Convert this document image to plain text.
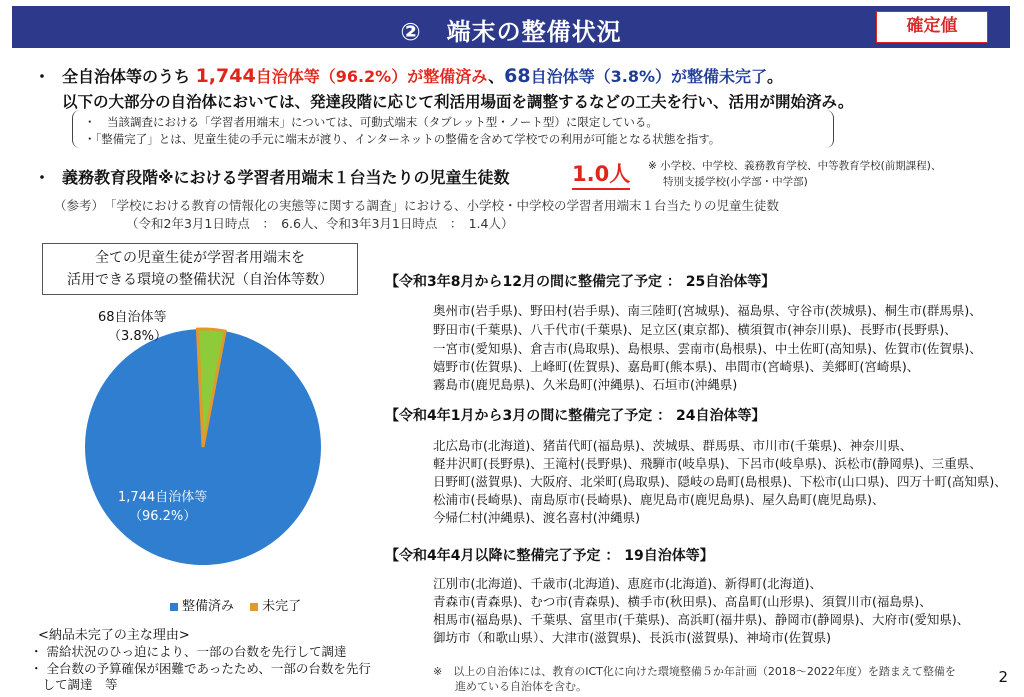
②　端末の整備状況	確定値
・ 全自治体等のうち 1,744自治体等（96.2%）が整備済み、68自治体等（3.8%）が整備未完了。
以下の大部分の自治体においては、発達段階に応じて利活用場面を調整するなどの工夫を行い、活用が開始済み。
・　当該調査における「学習者用端末」については、可動式端末（タブレット型・ノート型）に限定している。
・「整備完了」とは、児童生徒の手元に端末が渡り、インターネットの整備を含めて学校での利用が可能となる状態を指す。
・ 義務教育段階※における学習者用端末１台当たりの児童生徒数	1.0人 ※ 小学校、中学校、義務教育学校、中等教育学校(前期課程)、
特別支援学校(小学部・中学部)
（参考）　「学校における教育の情報化の実態等に関する調査」における、小学校・中学校の学習者用端末１台当たりの児童生徒数
（令和2年3月1日時点　：　6.6人、令和3年3月1日時点　：　1.4人）
全ての児童生徒が学習者用端末を
活用できる環境の整備状況（自治体等数）
68自治体等
（3.8%）
1,744自治体等
（96.2%）
整備済み 未完了
<納品未完了の主な理由>
・ 需給状況のひっ迫により、一部の台数を先行して調達
・ 全台数の予算確保が困難であったため、一部の台数を先行
　して調達　等
【令和3年8月から12月の間に整備完了予定 ： 25自治体等】
奥州市(岩手県)、野田村(岩手県)、南三陸町(宮城県)、福島県、守谷市(茨城県)、桐生市(群馬県)、
野田市(千葉県)、八千代市(千葉県)、足立区(東京都)、横須賀市(神奈川県)、長野市(長野県)、
一宮市(愛知県)、倉吉市(鳥取県)、島根県、雲南市(島根県)、中土佐町(高知県)、佐賀市(佐賀県)、
嬉野市(佐賀県)、上峰町(佐賀県)、嘉島町(熊本県)、串間市(宮崎県)、美郷町(宮崎県)、
霧島市(鹿児島県)、久米島町(沖縄県)、石垣市(沖縄県)
【令和4年1月から3月の間に整備完了予定 ： 24自治体等】
北広島市(北海道)、猪苗代町(福島県)、茨城県、群馬県、市川市(千葉県)、神奈川県、
軽井沢町(長野県)、王滝村(長野県)、飛騨市(岐阜県)、下呂市(岐阜県)、浜松市(静岡県)、三重県、
日野町(滋賀県)、大阪府、北栄町(鳥取県)、隠岐の島町(島根県)、下松市(山口県)、四万十町(高知県)、
松浦市(長崎県)、南島原市(長崎県)、鹿児島市(鹿児島県)、屋久島町(鹿児島県)、
今帰仁村(沖縄県)、渡名喜村(沖縄県)
【令和4年4月以降に整備完了予定 ： 19自治体等】
江別市(北海道)、千歳市(北海道)、恵庭市(北海道)、新得町(北海道)、
青森市(青森県)、むつ市(青森県)、横手市(秋田県)、高畠町(山形県)、須賀川市(福島県)、
相馬市(福島県)、千葉県、富里市(千葉県)、高浜町(福井県)、静岡市(静岡県)、大府市(愛知県)、
御坊市（和歌山県）、大津市(滋賀県)、長浜市(滋賀県)、神埼市(佐賀県)
※　以上の自治体には、教育のICT化に向けた環境整備５か年計画（2018～2022年度）を踏まえて整備を
進めている自治体を含む。
2
